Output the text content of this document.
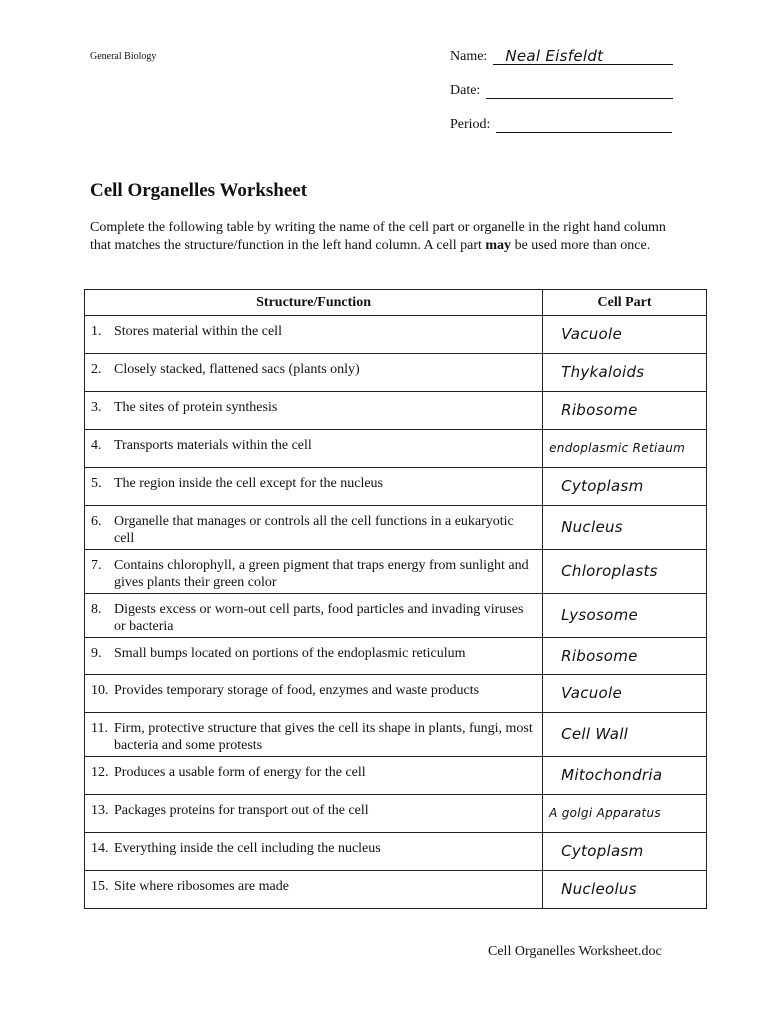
General Biology	Name: Neal Eisfeldt
Date:
Period:
Cell Organelles Worksheet
Complete the following table by writing the name of the cell part or organelle in the right hand column that matches the structure/function in the left hand column. A cell part may be used more than once.
Structure/Function	Cell Part

1. Stores material within the cell	Vacuole

2. Closely stacked, flattened sacs (plants only)	Thykaloids

3. The sites of protein synthesis	Ribosome

4. Transports materials within the cell	endoplasmic Retiaum

5. The region inside the cell except for the nucleus	Cytoplasm

6. Organelle that manages or controls all the cell functions in a eukaryotic cell	Nucleus

7. Contains chlorophyll, a green pigment that traps energy from sunlight and gives plants their green color	Chloroplasts

8. Digests excess or worn-out cell parts, food particles and invading viruses or bacteria	Lysosome

9. Small bumps located on portions of the endoplasmic reticulum	Ribosome

10. Provides temporary storage of food, enzymes and waste products	Vacuole

11. Firm, protective structure that gives the cell its shape in plants, fungi, most bacteria and some protests	Cell Wall

12. Produces a usable form of energy for the cell	Mitochondria

13. Packages proteins for transport out of the cell	A golgi Apparatus

14. Everything inside the cell including the nucleus	Cytoplasm

15. Site where ribosomes are made	Nucleolus
Cell Organelles Worksheet.doc
